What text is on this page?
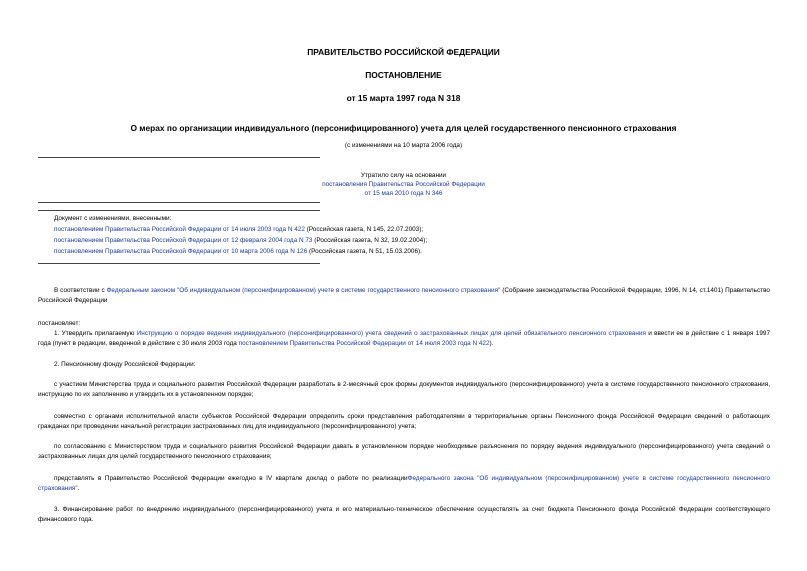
ПРАВИТЕЛЬСТВО РОССИЙСКОЙ ФЕДЕРАЦИИ
ПОСТАНОВЛЕНИЕ
от 15 марта 1997 года N 318
О мерах по организации индивидуального (персонифицированного) учета для целей государственного пенсионного страхования
(с изменениями на 10 марта 2006 года)
Утратило силу на основании
постановления Правительства Российской Федерации
от 15 мая 2010 года N 346
Документ с изменениями, внесенными:
постановлением Правительства Российской Федерации от 14 июля 2003 года N 422 (Российская газета, N 145, 22.07.2003);
постановлением Правительства Российской Федерации от 12 февраля 2004 года N 73 (Российская газета, N 32, 19.02.2004);
постановлением Правительства Российской Федерации от 10 марта 2006 года N 126 (Российская газета, N 51, 15.03.2006).
В соответствии с Федеральным законом "Об индивидуальном (персонифицированном) учете в системе государственного пенсионного страхования" (Собрание законодательства Российской Федерации, 1996, N 14, ст.1401) Правительство Российской Федерации
постановляет:
1. Утвердить прилагаемую Инструкцию о порядке ведения индивидуального (персонифицированного) учета сведений о застрахованных лицах для целей обязательного пенсионного страхования и ввести ее в действие с 1 января 1997 года (пункт в редакции, введенной в действие с 30 июля 2003 года постановлением Правительства Российской Федерации от 14 июля 2003 года N 422).
2. Пенсионному фонду Российской Федерации:
с участием Министерства труда и социального развития Российской Федерации разработать в 2-месячный срок формы документов индивидуального (персонифицированного) учета в системе государственного пенсионного страхования, инструкцию по их заполнению и утвердить их в установленном порядке;
совместно с органами исполнительной власти субъектов Российской Федерации определить сроки представления работодателями в территориальные органы Пенсионного фонда Российской Федерации сведений о работающих гражданах при проведении начальной регистрации застрахованных лиц для индивидуального (персонифицированного) учета;
по согласованию с Министерством труда и социального развития Российской Федерации давать в установленном порядке необходимые разъяснения по порядку ведения индивидуального (персонифицированного) учета сведений о застрахованных лицах для целей государственного пенсионного страхования;
представлять в Правительство Российской Федерации ежегодно в IV квартале доклад о работе по реализацииФедерального закона "Об индивидуальном (персонифицированном) учете в системе государственного пенсионного страхования".
3. Финансирование работ по внедрению индивидуального (персонифицированного) учета и его материально-техническое обеспечение осуществлять за счет бюджета Пенсионного фонда Российской Федерации соответствующего финансового года.
